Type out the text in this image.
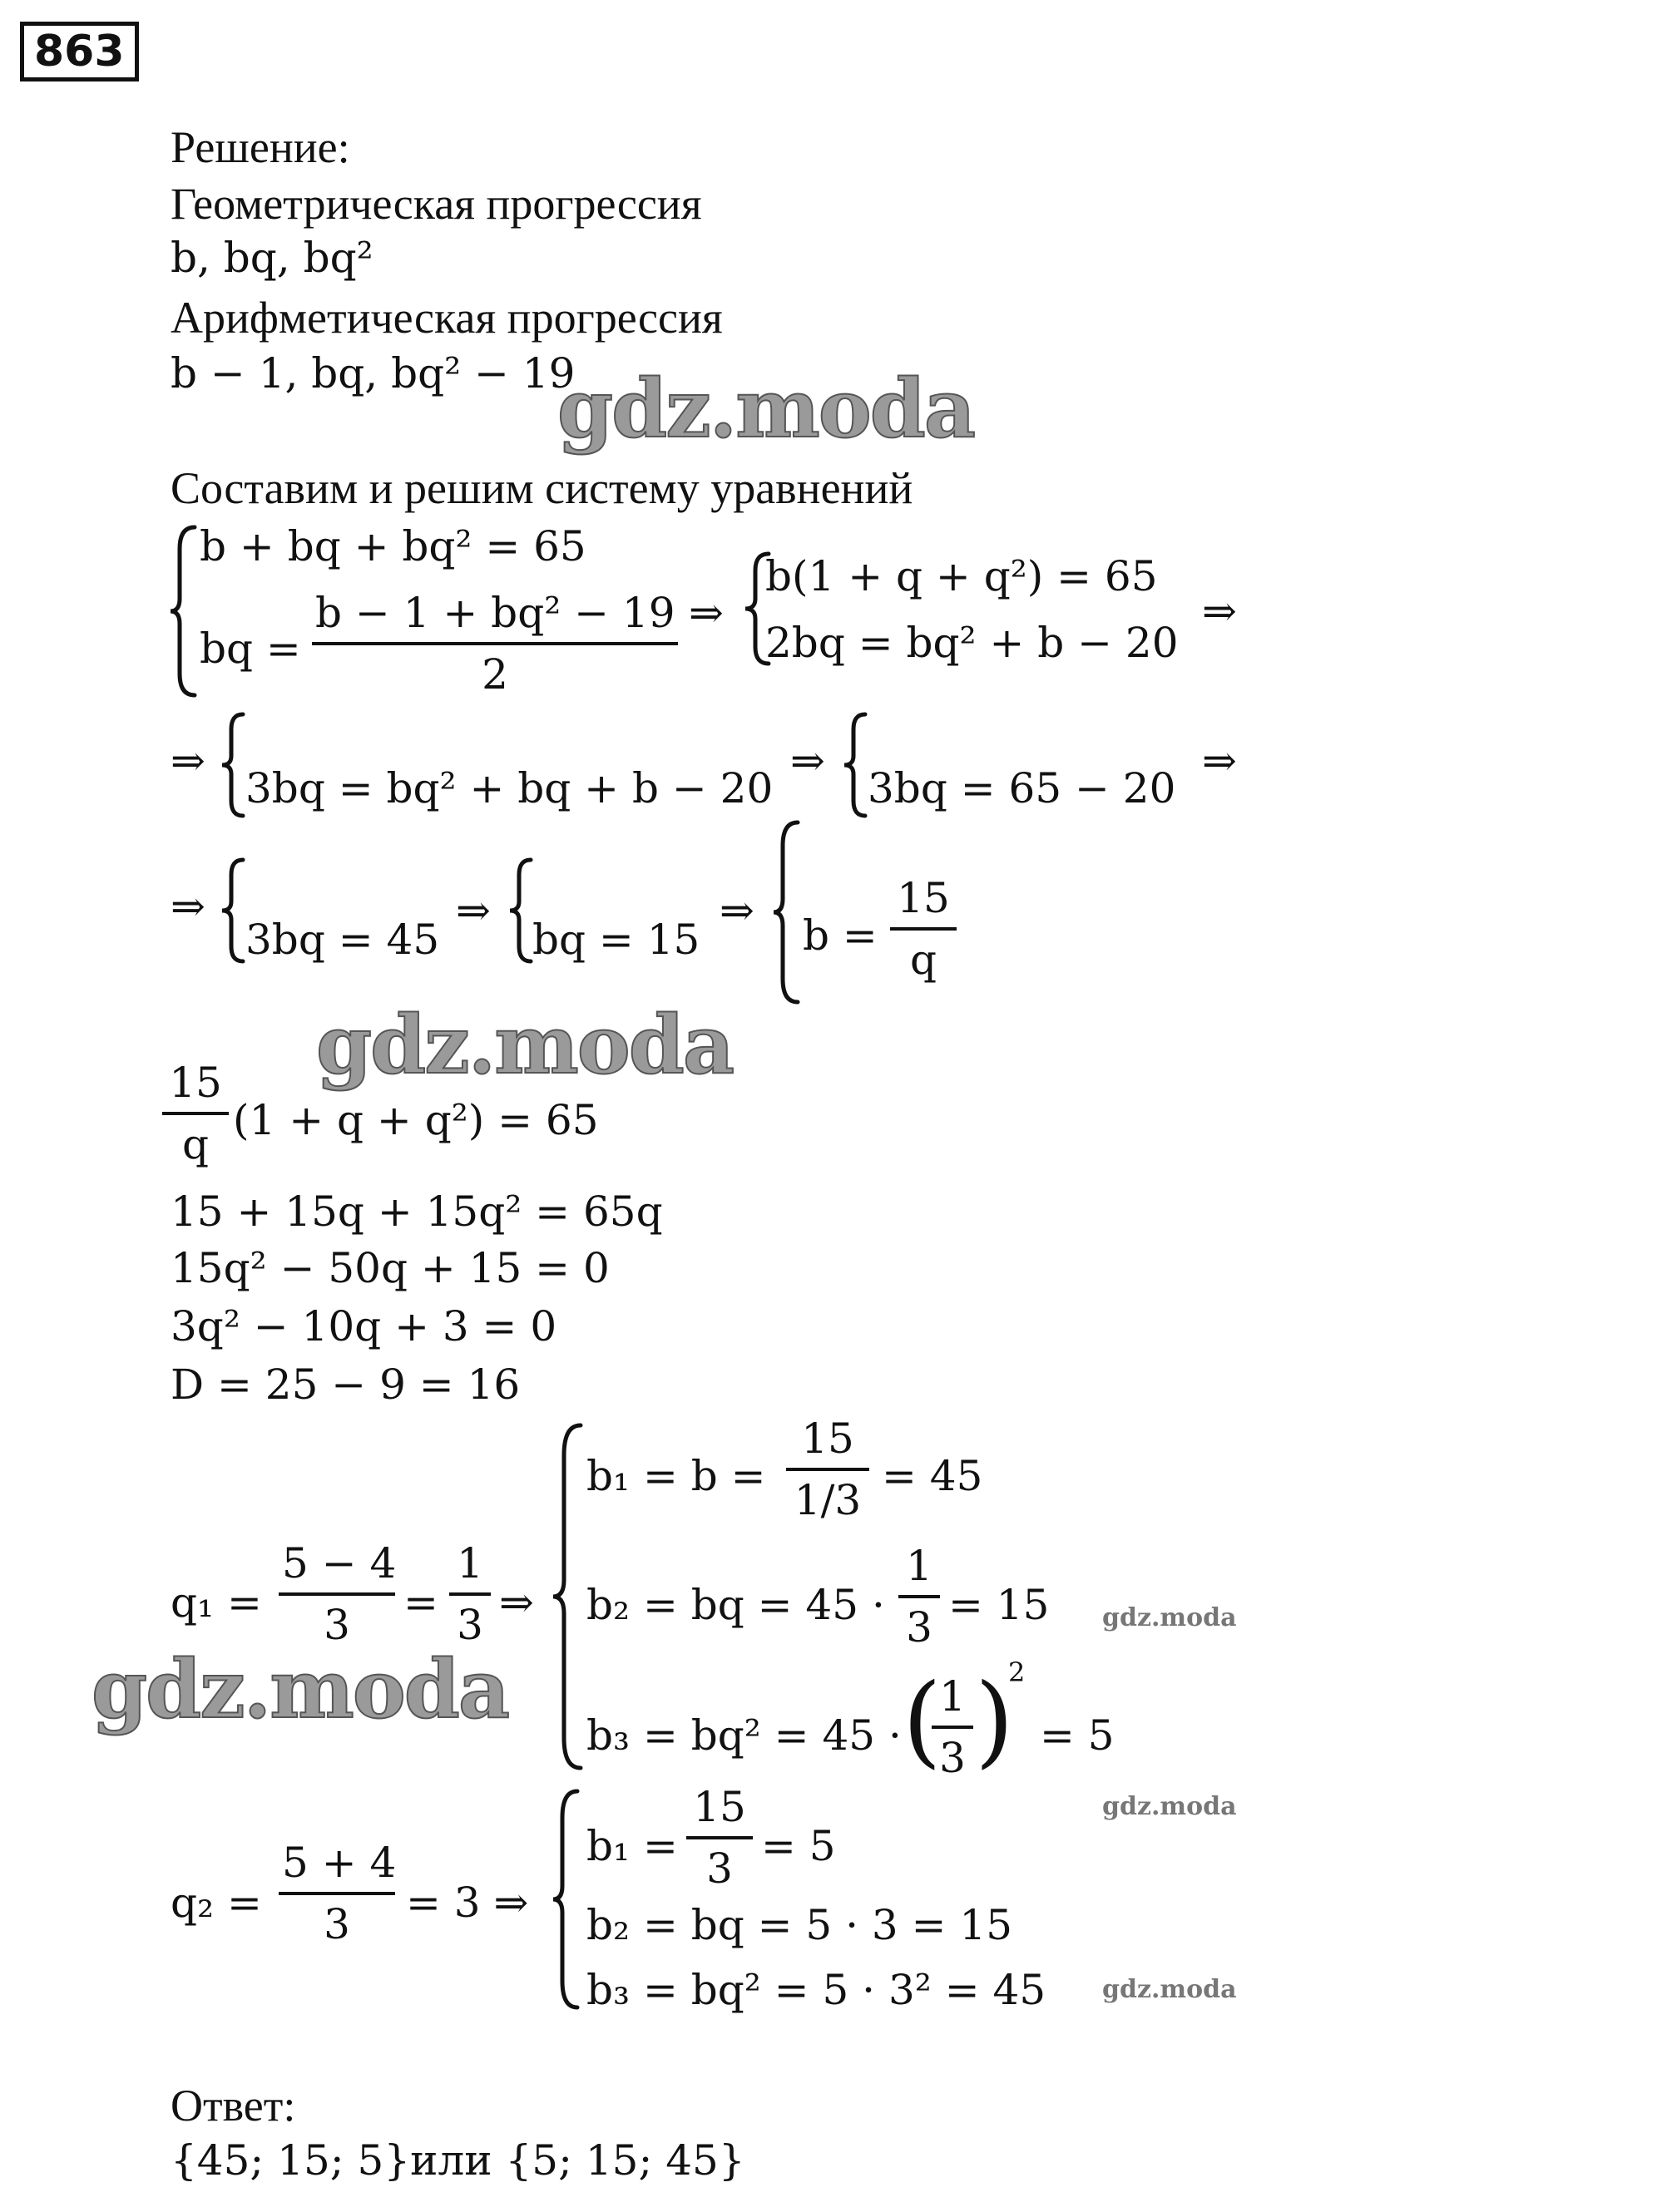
863
Решение:
Геометрическая прогрессия
b, bq, bq²
Арифметическая прогрессия
b − 1, bq, bq² − 19
gdz.moda
Составим и решим систему уравнений
b + bq + bq² = 65
bq = $\frac{\text{b − 1 + bq² − 19}}{2}$ ⇒
b(1 + q + q²) = 65
2bq = bq² + b − 20
⇒
⇒
3bq = bq² + bq + b − 20
⇒
3bq = 65 − 20
⇒
⇒
3bq = 45
⇒
bq = 15
⇒
$b = \frac{15}{q}$
gdz.moda
$\frac{15}{q} (1 + q + q^2) = 65$
15 + 15q + 15q² = 65q
15q² − 50q + 15 = 0
3q² − 10q + 3 = 0
D = 25 − 9 = 16
$q_1 = \frac{5 - 4}{3} = \frac{1}{3}$ ⇒
$b_1 = b = \frac{15}{1/3} = 45$
b₂ = bq = $45 \cdot \frac{1}{3} = 15$
b₃ = bq² = 45 · (
$\frac{1}{3}$ )
2
= 5
gdz.moda
gdz.moda
gdz.moda
$q_2 = \frac{5 + 4}{3} = 3$ ⇒
$b_1 = \frac{15}{3} = 5$
b₂ = bq = 5 · 3 = 15
b₃ = bq² = 5 · 3² = 45 gdz.moda
Ответ:
{45; 15; 5}или {5; 15; 45}
